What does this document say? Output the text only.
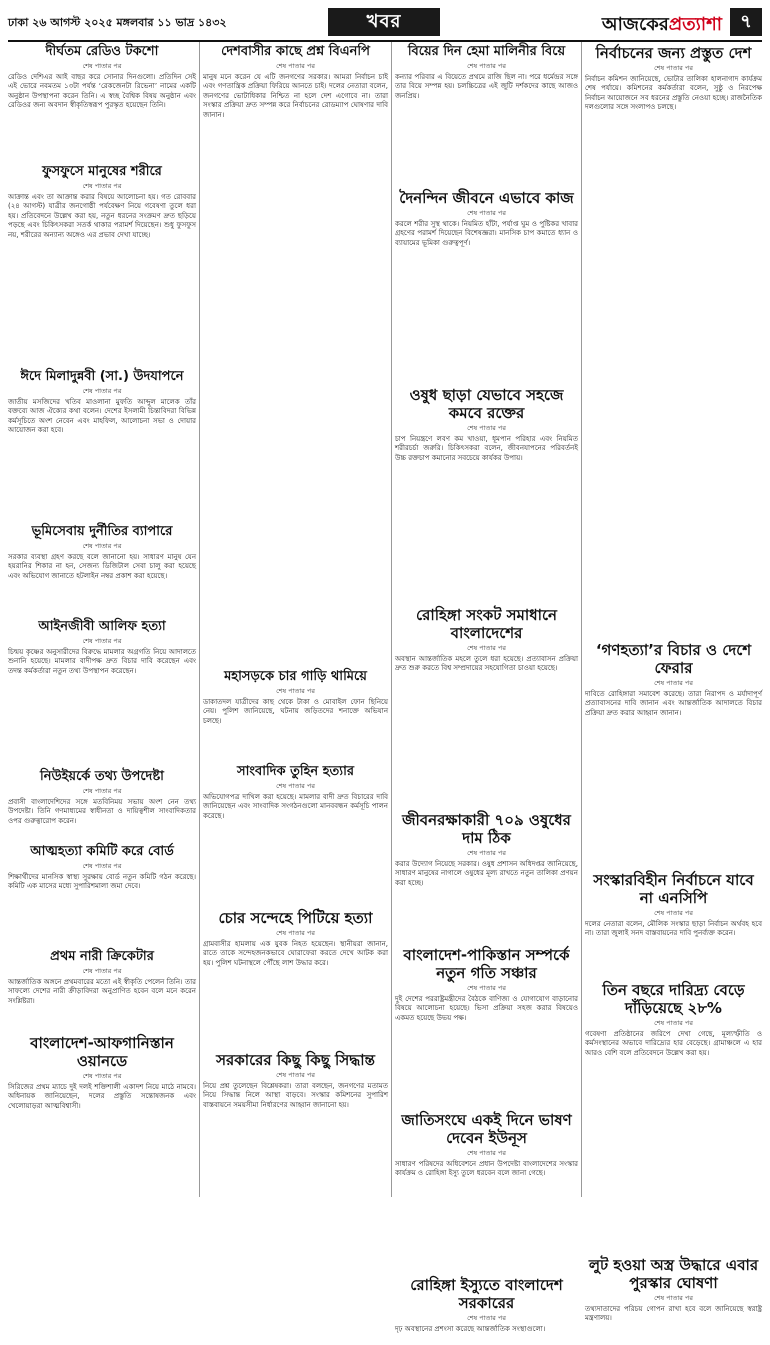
ঢাকা ২৬ আগস্ট ২০২৫ মঙ্গলবার ১১ ভাদ্র ১৪৩২	খবর	আজকেরপ্রত্যাশা	৭
দীর্ঘতম রেডিও টকশো
শেষ পাতার পর
রেডিও দেশিএর আই বাছর করে সোনার দিনগুলো। প্রতিদিন সেই এই ভোরে নবমতম ১৩টা পর্যন্ত ‘রেকজেনটা রিভেনা’ নামের একটি অনুষ্ঠান উপস্থাপনা করেন তিনি। এ স্বচ্ছ বৈশ্বিক বিষয় অনুষ্ঠান এবং রেডিওর জন্য অবদান স্বীকৃতিস্বরূপ পুরস্কৃত হয়েছেন তিনি।
ফুসফুসে মানুষের শরীরে
শেষ পাতার পর
আক্রান্ত এবং তা আক্রান্ত করার বিষয়ে আলোচনা হয়। গত রোববার (২৪ আগস্ট) যাত্রীর জনগোষ্ঠী পর্যবেক্ষণ নিয়ে গবেষণা তুলে ধরা হয়। প্রতিবেদনে উল্লেখ করা হয়, নতুন ধরনের সংক্রমণ দ্রুত ছড়িয়ে পড়ছে এবং চিকিৎসকরা সতর্ক থাকার পরামর্শ দিয়েছেন। শুধু ফুসফুস নয়, শরীরের অন্যান্য অঙ্গেও এর প্রভাব দেখা যাচ্ছে।
ঈদে মিলাদুন্নবী (সা.) উদযাপনে
শেষ পাতার পর
জাতীয় মসজিদের খতিব মাওলানা মুফতি আব্দুল মালেক তাঁর বক্তব্যে আজ ঐক্যের কথা বলেন। দেশের ইসলামী চিন্তাবিদরা বিভিন্ন কর্মসূচিতে অংশ নেবেন এবং মাহফিল, আলোচনা সভা ও দোয়ার আয়োজন করা হবে।
ভূমিসেবায় দুর্নীতির ব্যাপারে
শেষ পাতার পর
সরকার ব্যবস্থা গ্রহণ করছে বলে জানানো হয়। সাধারণ মানুষ যেন হয়রানির শিকার না হন, সেজন্য ডিজিটাল সেবা চালু করা হয়েছে এবং অভিযোগ জানাতে হটলাইন নম্বর প্রকাশ করা হয়েছে।
আইনজীবী আলিফ হত্যা
শেষ পাতার পর
চিন্ময় কৃষ্ণের অনুসারীদের বিরুদ্ধে মামলার অগ্রগতি নিয়ে আদালতে শুনানি হয়েছে। মামলার বাদীপক্ষ দ্রুত বিচার দাবি করেছেন এবং তদন্ত কর্মকর্তারা নতুন তথ্য উপস্থাপন করেছেন।
নিউইয়র্কে তথ্য উপদেষ্টা
শেষ পাতার পর
প্রবাসী বাংলাদেশিদের সঙ্গে মতবিনিময় সভায় অংশ নেন তথ্য উপদেষ্টা। তিনি গণমাধ্যমের স্বাধীনতা ও দায়িত্বশীল সাংবাদিকতার ওপর গুরুত্বারোপ করেন।
আত্মহত্যা কমিটি করে বোর্ড
শেষ পাতার পর
শিক্ষার্থীদের মানসিক স্বাস্থ্য সুরক্ষায় বোর্ড নতুন কমিটি গঠন করেছে। কমিটি এক মাসের মধ্যে সুপারিশমালা জমা দেবে।
প্রথম নারী ক্রিকেটার
শেষ পাতার পর
আন্তর্জাতিক অঙ্গনে প্রথমবারের মতো এই স্বীকৃতি পেলেন তিনি। তার সাফল্যে দেশের নারী ক্রীড়াবিদরা অনুপ্রাণিত হবেন বলে মনে করেন সংশ্লিষ্টরা।
বাংলাদেশ-আফগানিস্তান ওয়ানডে
শেষ পাতার পর
সিরিজের প্রথম ম্যাচে দুই দলই শক্তিশালী একাদশ নিয়ে মাঠে নামবে। অধিনায়ক জানিয়েছেন, দলের প্রস্তুতি সন্তোষজনক এবং খেলোয়াড়রা আত্মবিশ্বাসী।
দেশবাসীর কাছে প্রশ্ন বিএনপি
শেষ পাতার পর
মানুষ মনে করেন যে এটি জনগণের সরকার। আমরা নির্বাচন চাই এবং গণতান্ত্রিক প্রক্রিয়া ফিরিয়ে আনতে চাই। দলের নেতারা বলেন, জনগণের ভোটাধিকার নিশ্চিত না হলে দেশ এগোবে না। তারা সংস্কার প্রক্রিয়া দ্রুত সম্পন্ন করে নির্বাচনের রোডম্যাপ ঘোষণার দাবি জানান।
মহাসড়কে চার গাড়ি থামিয়ে
শেষ পাতার পর
ডাকাতদল যাত্রীদের কাছ থেকে টাকা ও মোবাইল ফোন ছিনিয়ে নেয়। পুলিশ জানিয়েছে, ঘটনায় জড়িতদের শনাক্তে অভিযান চলছে।
সাংবাদিক তুহিন হত্যার
শেষ পাতার পর
অভিযোগপত্র দাখিল করা হয়েছে। মামলার বাদী দ্রুত বিচারের দাবি জানিয়েছেন এবং সাংবাদিক সংগঠনগুলো মানববন্ধন কর্মসূচি পালন করেছে।
চোর সন্দেহে পিটিয়ে হত্যা
শেষ পাতার পর
গ্রামবাসীর হামলায় এক যুবক নিহত হয়েছেন। স্থানীয়রা জানান, রাতে তাকে সন্দেহজনকভাবে ঘোরাফেরা করতে দেখে আটক করা হয়। পুলিশ ঘটনাস্থলে পৌঁছে লাশ উদ্ধার করে।
সরকারের কিছু কিছু সিদ্ধান্ত
শেষ পাতার পর
নিয়ে প্রশ্ন তুলেছেন বিশ্লেষকরা। তারা বলছেন, জনগণের মতামত নিয়ে সিদ্ধান্ত নিলে আস্থা বাড়বে। সংস্কার কমিশনের সুপারিশ বাস্তবায়নে সময়সীমা নির্ধারণের আহ্বান জানানো হয়।
বিয়ের দিন হেমা মালিনীর বিয়ে
শেষ পাতার পর
কন্যার পরিবার এ বিয়েতে প্রথমে রাজি ছিল না। পরে ধর্মেন্দ্রর সঙ্গে তার বিয়ে সম্পন্ন হয়। চলচ্চিত্রের এই জুটি দর্শকদের কাছে আজও জনপ্রিয়।
দৈনন্দিন জীবনে এভাবে কাজ
শেষ পাতার পর
করলে শরীর সুস্থ থাকে। নিয়মিত হাঁটা, পর্যাপ্ত ঘুম ও পুষ্টিকর খাবার গ্রহণের পরামর্শ দিয়েছেন বিশেষজ্ঞরা। মানসিক চাপ কমাতে ধ্যান ও ব্যায়ামের ভূমিকা গুরুত্বপূর্ণ।
ওষুধ ছাড়া যেভাবে সহজে কমবে রক্তের
শেষ পাতার পর
চাপ নিয়ন্ত্রণে লবণ কম খাওয়া, ধূমপান পরিহার এবং নিয়মিত শরীরচর্চা জরুরি। চিকিৎসকরা বলেন, জীবনযাপনের পরিবর্তনই উচ্চ রক্তচাপ কমানোর সবচেয়ে কার্যকর উপায়।
রোহিঙ্গা সংকট সমাধানে বাংলাদেশের
শেষ পাতার পর
অবস্থান আন্তর্জাতিক মহলে তুলে ধরা হয়েছে। প্রত্যাবাসন প্রক্রিয়া দ্রুত শুরু করতে বিশ্ব সম্প্রদায়ের সহযোগিতা চাওয়া হয়েছে।
জীবনরক্ষাকারী ৭০৯ ওষুধের দাম ঠিক
শেষ পাতার পর
করার উদ্যোগ নিয়েছে সরকার। ওষুধ প্রশাসন অধিদপ্তর জানিয়েছে, সাধারণ মানুষের নাগালে ওষুধের মূল্য রাখতে নতুন তালিকা প্রণয়ন করা হচ্ছে।
বাংলাদেশ-পাকিস্তান সম্পর্কে নতুন গতি সঞ্চার
শেষ পাতার পর
দুই দেশের পররাষ্ট্রমন্ত্রীদের বৈঠকে বাণিজ্য ও যোগাযোগ বাড়ানোর বিষয়ে আলোচনা হয়েছে। ভিসা প্রক্রিয়া সহজ করার বিষয়েও একমত হয়েছে উভয় পক্ষ।
জাতিসংঘে একই দিনে ভাষণ দেবেন ইউনূস
শেষ পাতার পর
সাধারণ পরিষদের অধিবেশনে প্রধান উপদেষ্টা বাংলাদেশের সংস্কার কার্যক্রম ও রোহিঙ্গা ইস্যু তুলে ধরবেন বলে জানা গেছে।
রোহিঙ্গা ইস্যুতে বাংলাদেশ সরকারের
শেষ পাতার পর
দৃঢ় অবস্থানের প্রশংসা করেছে আন্তর্জাতিক সংস্থাগুলো।
নির্বাচনের জন্য প্রস্তুত দেশ
শেষ পাতার পর
নির্বাচন কমিশন জানিয়েছে, ভোটার তালিকা হালনাগাদ কার্যক্রম শেষ পর্যায়ে। কমিশনের কর্মকর্তারা বলেন, সুষ্ঠু ও নিরপেক্ষ নির্বাচন আয়োজনে সব ধরনের প্রস্তুতি নেওয়া হচ্ছে। রাজনৈতিক দলগুলোর সঙ্গে সংলাপও চলছে।
‘গণহত্যা’র বিচার ও দেশে ফেরার
শেষ পাতার পর
দাবিতে রোহিঙ্গারা সমাবেশ করেছে। তারা নিরাপদ ও মর্যাদাপূর্ণ প্রত্যাবাসনের দাবি জানান এবং আন্তর্জাতিক আদালতে বিচার প্রক্রিয়া দ্রুত করার আহ্বান জানান।
সংস্কারবিহীন নির্বাচনে যাবে না এনসিপি
শেষ পাতার পর
দলের নেতারা বলেন, মৌলিক সংস্কার ছাড়া নির্বাচন অর্থবহ হবে না। তারা জুলাই সনদ বাস্তবায়নের দাবি পুনর্ব্যক্ত করেন।
তিন বছরে দারিদ্র্য বেড়ে দাঁড়িয়েছে ২৮%
শেষ পাতার পর
গবেষণা প্রতিষ্ঠানের জরিপে দেখা গেছে, মূল্যস্ফীতি ও কর্মসংস্থানের অভাবে দারিদ্র্যের হার বেড়েছে। গ্রামাঞ্চলে এ হার আরও বেশি বলে প্রতিবেদনে উল্লেখ করা হয়।
লুট হওয়া অস্ত্র উদ্ধারে এবার পুরস্কার ঘোষণা
শেষ পাতার পর
তথ্যদাতাদের পরিচয় গোপন রাখা হবে বলে জানিয়েছে স্বরাষ্ট্র মন্ত্রণালয়।
